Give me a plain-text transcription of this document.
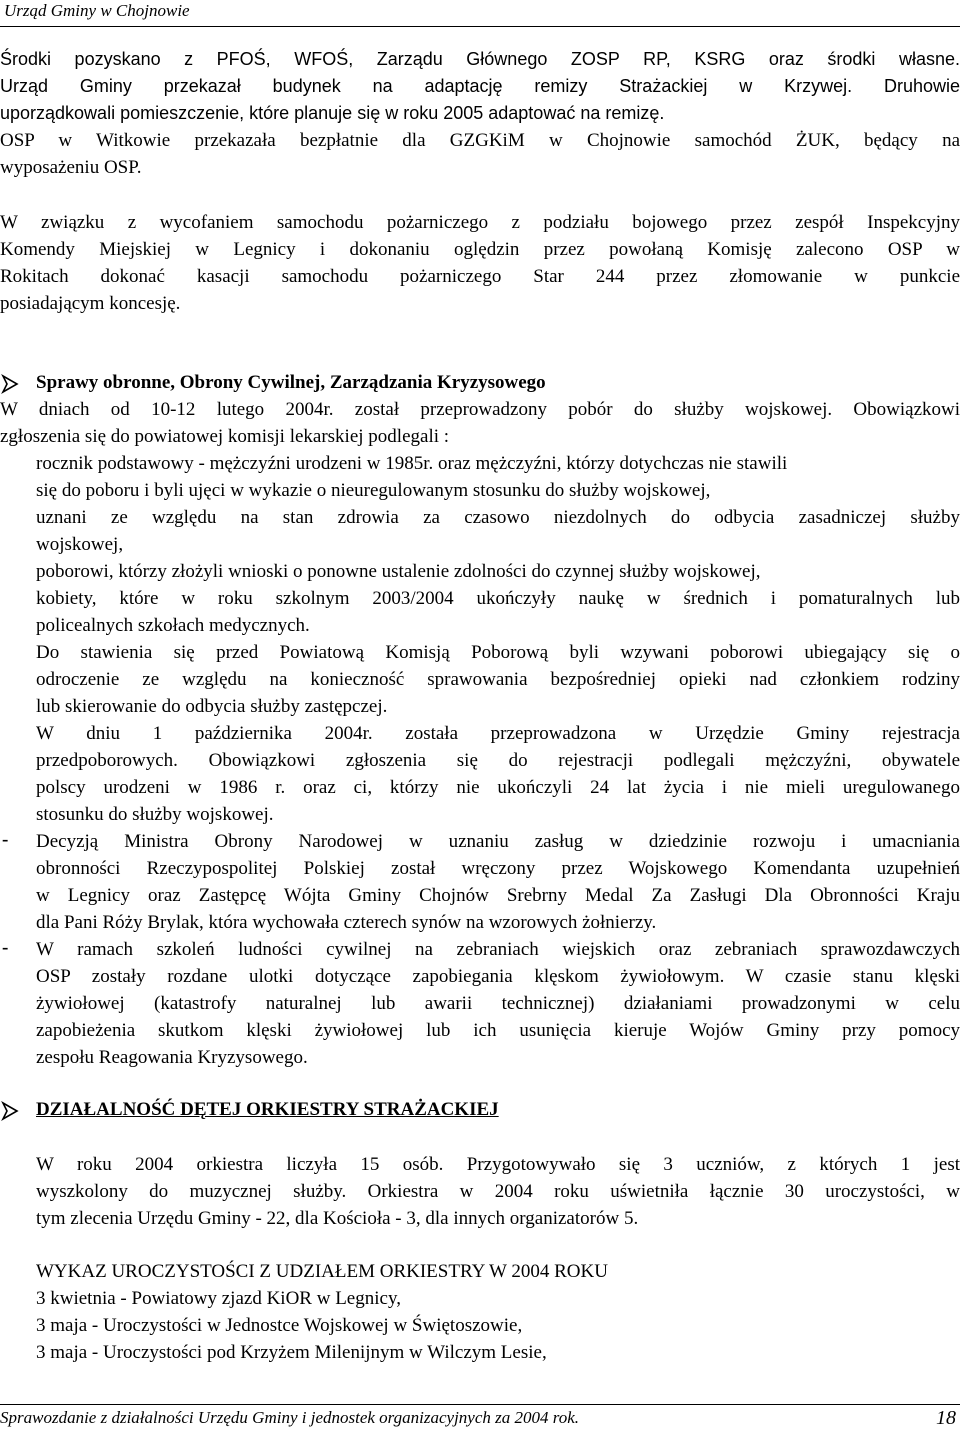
Urząd Gminy w Chojnowie
Środki pozyskano z PFOŚ, WFOŚ, Zarządu Głównego ZOSP RP, KSRG oraz środki własne.
Urząd Gminy przekazał budynek na adaptację remizy Strażackiej w Krzywej. Druhowie
uporządkowali pomieszczenie, które planuje się w roku 2005 adaptować na remizę.
OSP w Witkowie przekazała bezpłatnie dla GZGKiM w Chojnowie samochód ŻUK, będący na
wyposażeniu OSP.
W związku z wycofaniem samochodu pożarniczego z podziału bojowego przez zespół Inspekcyjny
Komendy Miejskiej w Legnicy i dokonaniu oględzin przez powołaną Komisję zalecono OSP w
Rokitach dokonać kasacji samochodu pożarniczego Star 244 przez złomowanie w punkcie
posiadającym koncesję.
Sprawy obronne, Obrony Cywilnej, Zarządzania Kryzysowego
W dniach od 10-12 lutego 2004r. został przeprowadzony pobór do służby wojskowej. Obowiązkowi
zgłoszenia się do powiatowej komisji lekarskiej podlegali :
rocznik podstawowy - mężczyźni urodzeni w 1985r. oraz mężczyźni, którzy dotychczas nie stawili
się do poboru i byli ujęci w wykazie o nieuregulowanym stosunku do służby wojskowej,
uznani ze względu na stan zdrowia za czasowo niezdolnych do odbycia zasadniczej służby
wojskowej,
poborowi, którzy złożyli wnioski o ponowne ustalenie zdolności do czynnej służby wojskowej,
kobiety, które w roku szkolnym 2003/2004 ukończyły naukę w średnich i pomaturalnych lub
policealnych szkołach medycznych.
Do stawienia się przed Powiatową Komisją Poborową byli wzywani poborowi ubiegający się o
odroczenie ze względu na konieczność sprawowania bezpośredniej opieki nad członkiem rodziny
lub skierowanie do odbycia służby zastępczej.
W dniu 1 października 2004r. została przeprowadzona w Urzędzie Gminy rejestracja
przedpoborowych. Obowiązkowi zgłoszenia się do rejestracji podlegali mężczyźni, obywatele
polscy urodzeni w 1986 r. oraz ci, którzy nie ukończyli 24 lat życia i nie mieli uregulowanego
stosunku do służby wojskowej.
- Decyzją Ministra Obrony Narodowej w uznaniu zasług w dziedzinie rozwoju i umacniania
obronności Rzeczypospolitej Polskiej został wręczony przez Wojskowego Komendanta uzupełnień
w Legnicy oraz Zastępcę Wójta Gminy Chojnów Srebrny Medal Za Zasługi Dla Obronności Kraju
dla Pani Róży Brylak, która wychowała czterech synów na wzorowych żołnierzy.
- W ramach szkoleń ludności cywilnej na zebraniach wiejskich oraz zebraniach sprawozdawczych
OSP zostały rozdane ulotki dotyczące zapobiegania klęskom żywiołowym. W czasie stanu klęski
żywiołowej (katastrofy naturalnej lub awarii technicznej) działaniami prowadzonymi w celu
zapobieżenia skutkom klęski żywiołowej lub ich usunięcia kieruje Wojów Gminy przy pomocy
zespołu Reagowania Kryzysowego.
DZIAŁALNOŚĆ DĘTEJ ORKIESTRY STRAŻACKIEJ
W roku 2004 orkiestra liczyła 15 osób. Przygotowywało się 3 uczniów, z których 1 jest
wyszkolony do muzycznej służby. Orkiestra w 2004 roku uświetniła łącznie 30 uroczystości, w
tym zlecenia Urzędu Gminy - 22, dla Kościoła - 3, dla innych organizatorów 5.
WYKAZ UROCZYSTOŚCI Z UDZIAŁEM ORKIESTRY W 2004 ROKU
3 kwietnia - Powiatowy zjazd KiOR w Legnicy,
3 maja - Uroczystości w Jednostce Wojskowej w Świętoszowie,
3 maja - Uroczystości pod Krzyżem Milenijnym w Wilczym Lesie,
Sprawozdanie z działalności Urzędu Gminy i jednostek organizacyjnych za 2004 rok.	18
